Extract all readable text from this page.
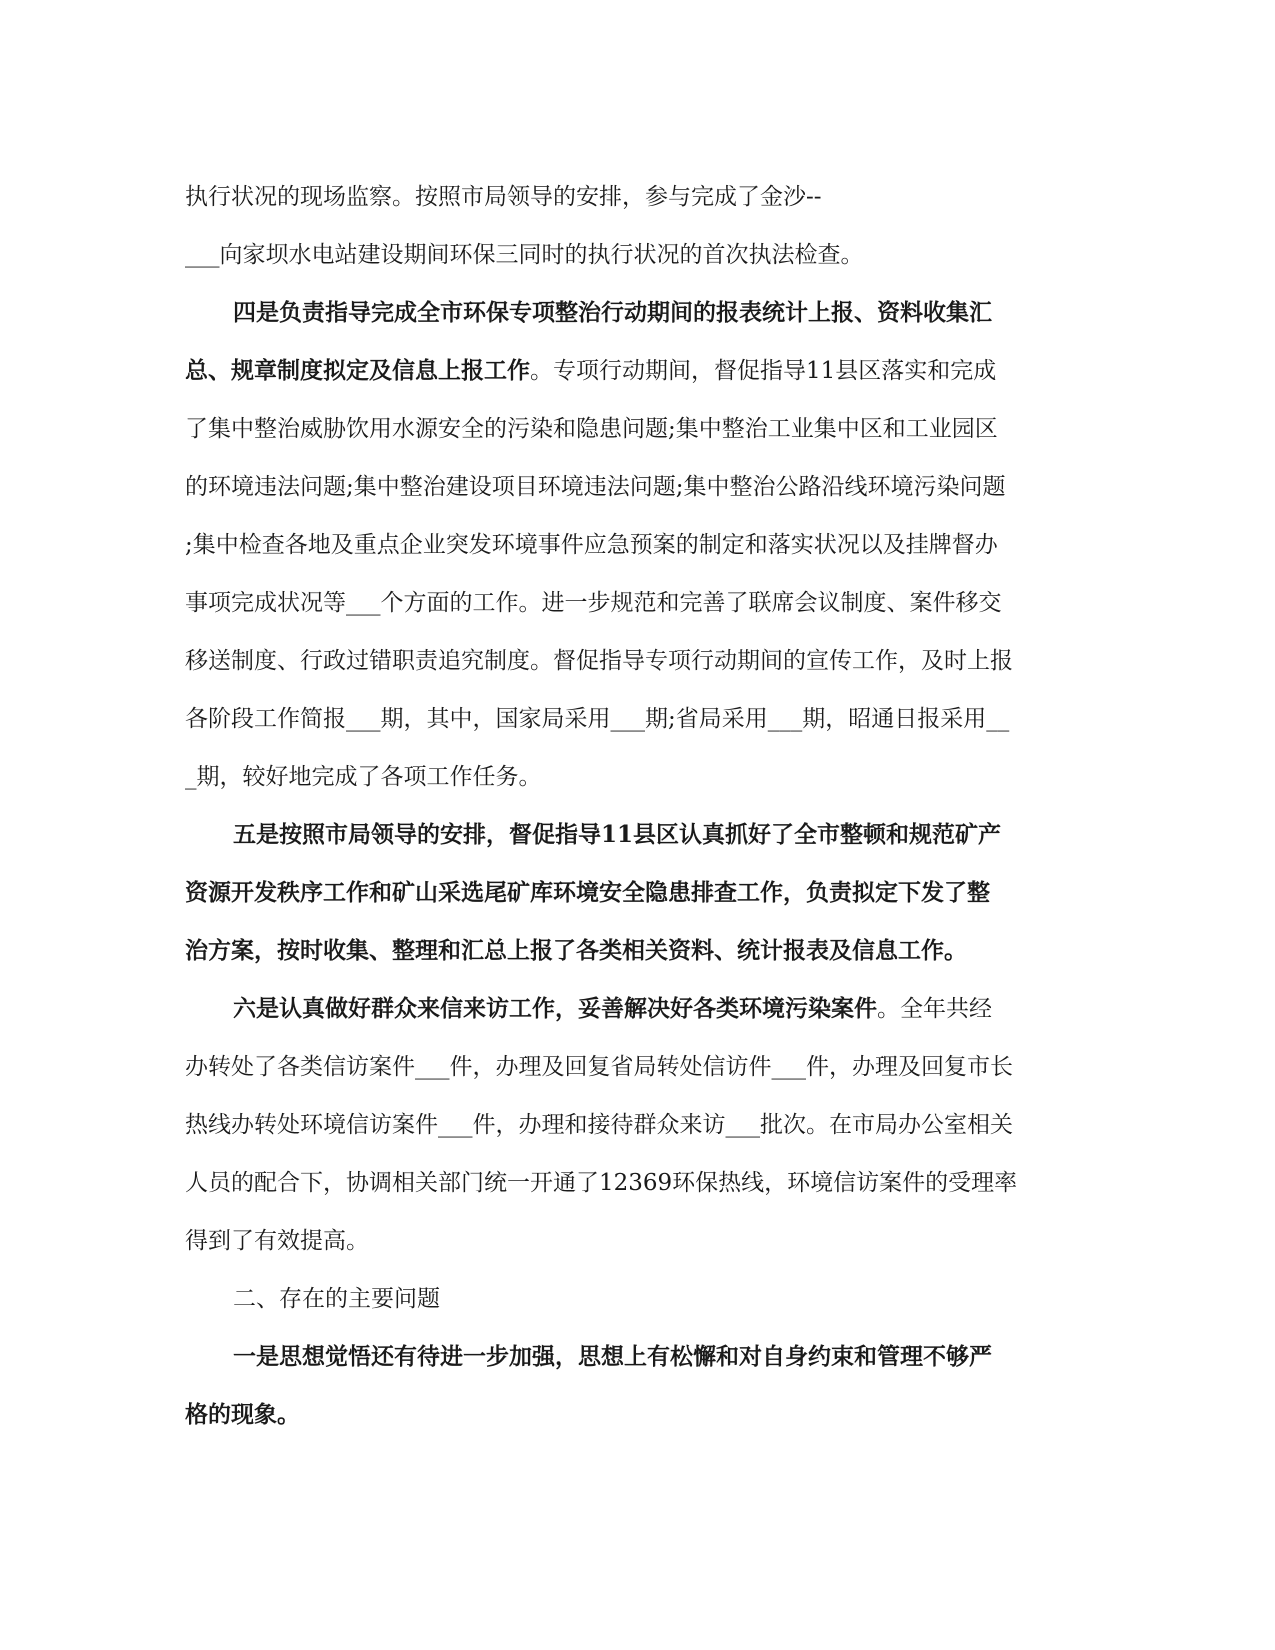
执行状况的现场监察。按照市局领导的安排，参与完成了金沙--
___向家坝水电站建设期间环保三同时的执行状况的首次执法检查。
四是负责指导完成全市环保专项整治行动期间的报表统计上报、资料收集汇
总、规章制度拟定及信息上报工作。专项行动期间，督促指导11县区落实和完成
了集中整治威胁饮用水源安全的污染和隐患问题;集中整治工业集中区和工业园区
的环境违法问题;集中整治建设项目环境违法问题;集中整治公路沿线环境污染问题
;集中检查各地及重点企业突发环境事件应急预案的制定和落实状况以及挂牌督办
事项完成状况等___个方面的工作。进一步规范和完善了联席会议制度、案件移交
移送制度、行政过错职责追究制度。督促指导专项行动期间的宣传工作，及时上报
各阶段工作简报___期，其中，国家局采用___期;省局采用___期，昭通日报采用__
_期，较好地完成了各项工作任务。
五是按照市局领导的安排，督促指导11县区认真抓好了全市整顿和规范矿产
资源开发秩序工作和矿山采选尾矿库环境安全隐患排查工作，负责拟定下发了整
治方案，按时收集、整理和汇总上报了各类相关资料、统计报表及信息工作。
六是认真做好群众来信来访工作，妥善解决好各类环境污染案件。全年共经
办转处了各类信访案件___件，办理及回复省局转处信访件___件，办理及回复市长
热线办转处环境信访案件___件，办理和接待群众来访___批次。在市局办公室相关
人员的配合下，协调相关部门统一开通了12369环保热线，环境信访案件的受理率
得到了有效提高。
二、存在的主要问题
一是思想觉悟还有待进一步加强，思想上有松懈和对自身约束和管理不够严
格的现象。
